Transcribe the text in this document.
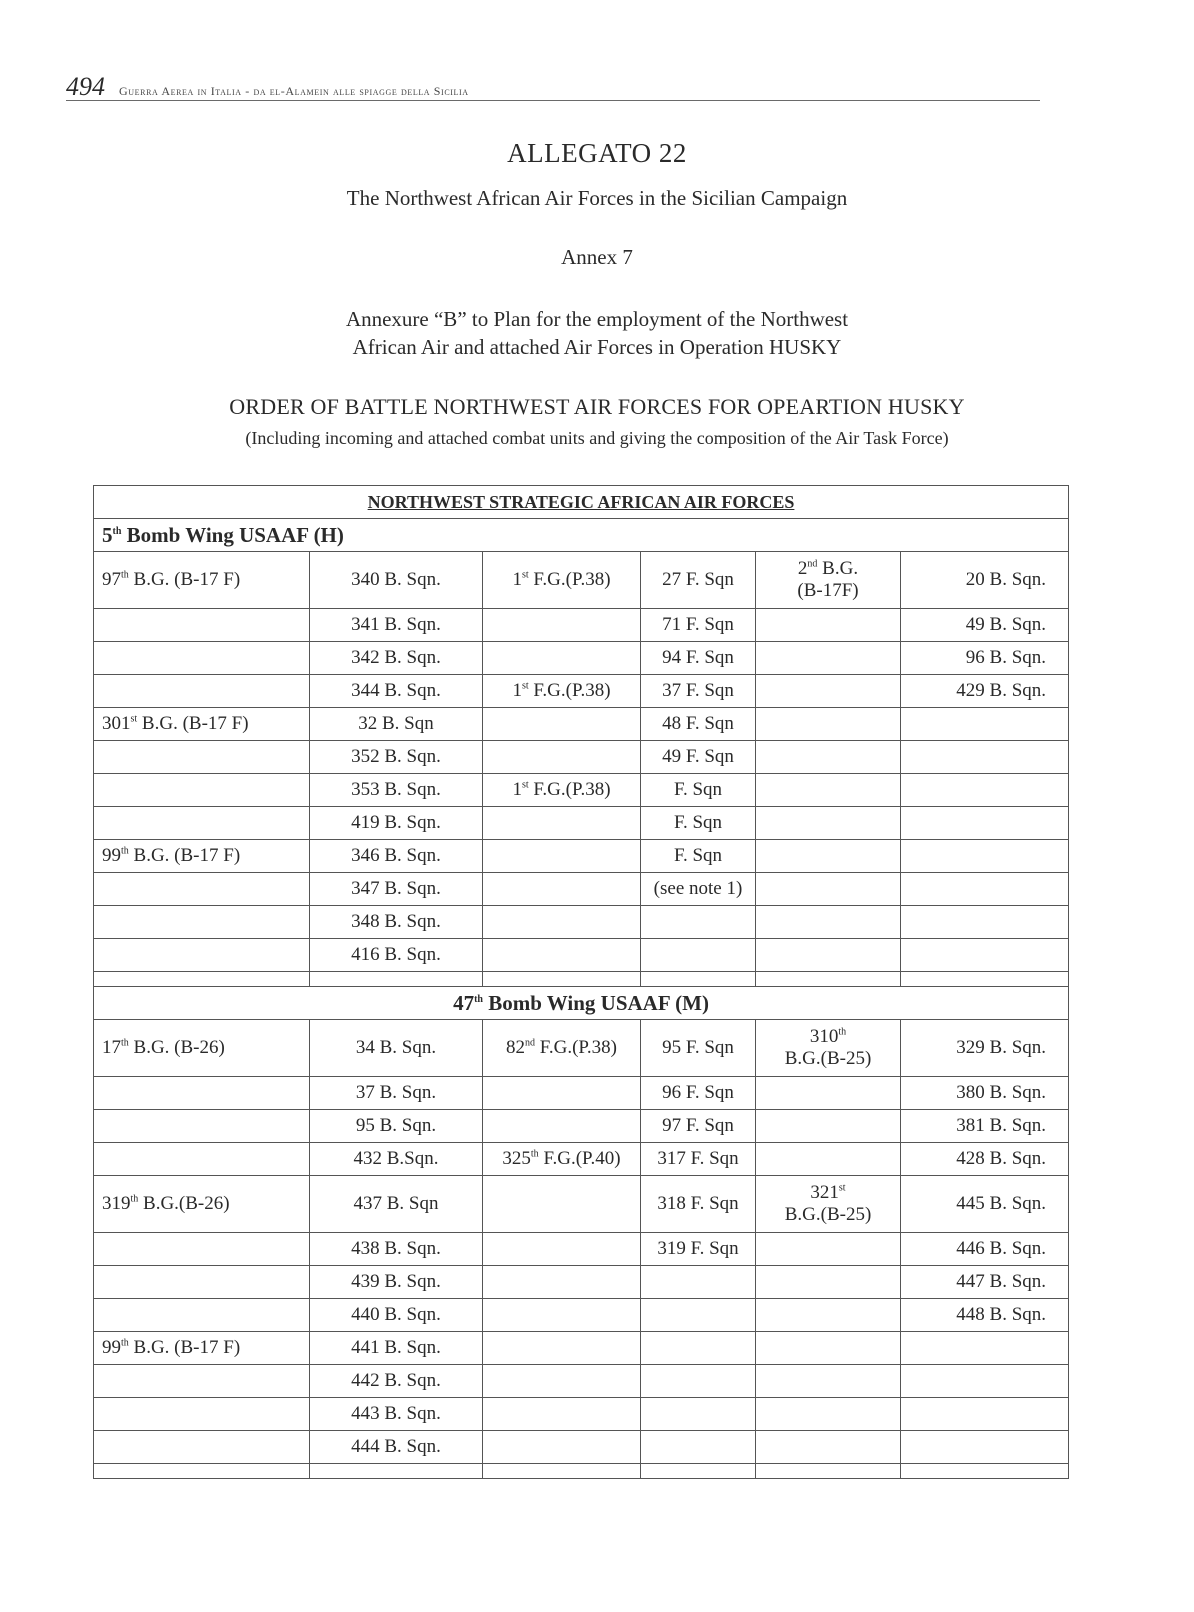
494 Guerra Aerea in Italia - da el-Alamein alle spiagge della Sicilia
ALLEGATO 22
The Northwest African Air Forces in the Sicilian Campaign
Annex 7
Annexure “B” to Plan for the employment of the Northwest
African Air and attached Air Forces in Operation HUSKY
ORDER OF BATTLE NORTHWEST AIR FORCES FOR OPEARTION HUSKY
(Including incoming and attached combat units and giving the composition of the Air Task Force)
NORTHWEST STRATEGIC AFRICAN AIR FORCES					
5th Bomb Wing USAAF (H)					
97th B.G. (B-17 F)	340 B. Sqn.	1st F.G.(P.38)	27 F. Sqn	2nd B.G.
(B-17F)	20 B. Sqn.
	341 B. Sqn.		71 F. Sqn		49 B. Sqn.
	342 B. Sqn.		94 F. Sqn		96 B. Sqn.
	344 B. Sqn.	1st F.G.(P.38)	37 F. Sqn		429 B. Sqn.
301st B.G. (B-17 F)	32 B. Sqn		48 F. Sqn		
	352 B. Sqn.		49 F. Sqn		
	353 B. Sqn.	1st F.G.(P.38)	F. Sqn		
	419 B. Sqn.		F. Sqn		
99th B.G. (B-17 F)	346 B. Sqn.		F. Sqn		
	347 B. Sqn.		(see note 1)		
	348 B. Sqn.				
	416 B. Sqn.				

47th Bomb Wing USAAF (M)					
17th B.G. (B-26)	34 B. Sqn.	82nd F.G.(P.38)	95 F. Sqn	310th
B.G.(B-25)	329 B. Sqn.
	37 B. Sqn.		96 F. Sqn		380 B. Sqn.
	95 B. Sqn.		97 F. Sqn		381 B. Sqn.
	432 B.Sqn.	325th F.G.(P.40)	317 F. Sqn		428 B. Sqn.
319th B.G.(B-26)	437 B. Sqn		318 F. Sqn	321st
B.G.(B-25)	445 B. Sqn.
	438 B. Sqn.		319 F. Sqn		446 B. Sqn.
	439 B. Sqn.				447 B. Sqn.
	440 B. Sqn.				448 B. Sqn.
99th B.G. (B-17 F)	441 B. Sqn.				
	442 B. Sqn.				
	443 B. Sqn.				
	444 B. Sqn.				
